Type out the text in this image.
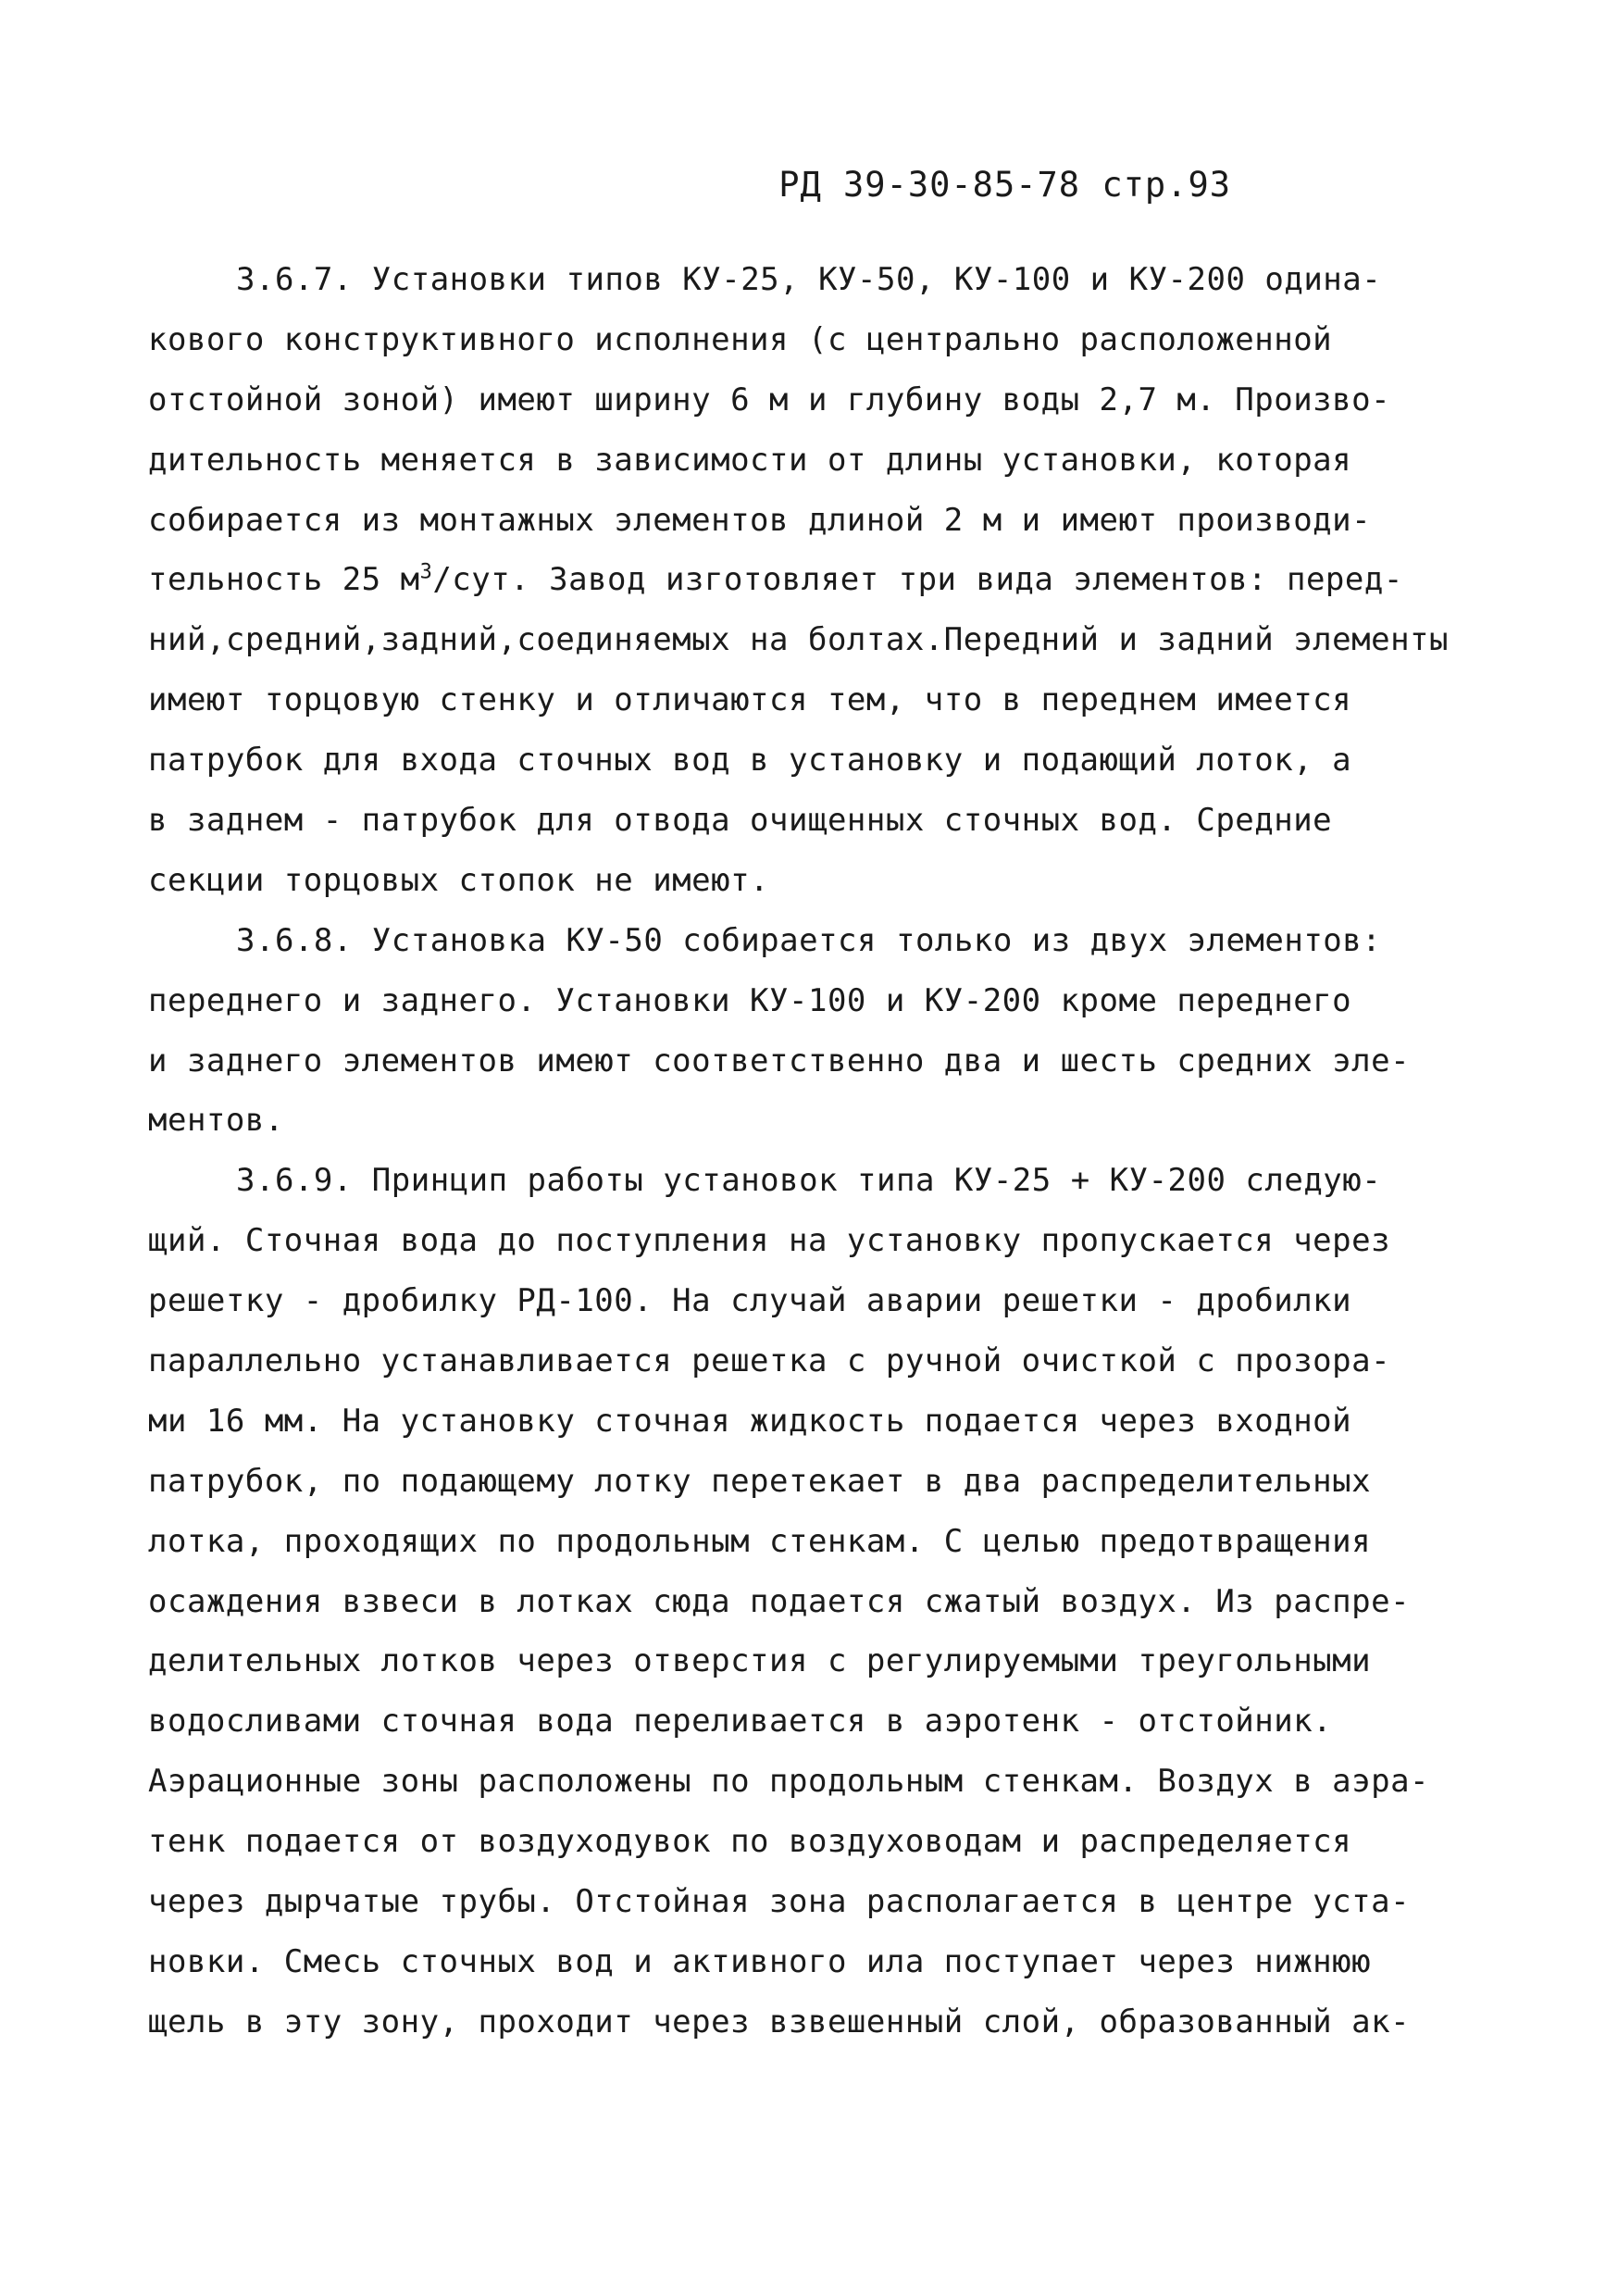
РД 39-30-85-78 стр.93
3.6.7. Установки типов КУ-25, КУ-50, КУ-100 и КУ-200 одина-
кового конструктивного исполнения (с центрально расположенной
отстойной зоной) имеют ширину 6 м и глубину воды 2,7 м. Произво-
дительность меняется в зависимости от длины установки, которая
собирается из монтажных элементов длиной 2 м и имеют производи-
тельность 25 $м^3$/сут. Завод изготовляет три вида элементов: перед-
ний,средний,задний,соединяемых на болтах.Передний и задний элементы
имеют торцовую стенку и отличаются тем, что в переднем имеется
патрубок для входа сточных вод в установку и подающий лоток, а
в заднем - патрубок для отвода очищенных сточных вод. Средние
секции торцовых стопок не имеют.
3.6.8. Установка КУ-50 собирается только из двух элементов:
переднего и заднего. Установки КУ-100 и КУ-200 кроме переднего
и заднего элементов имеют соответственно два и шесть средних эле-
ментов.
3.6.9. Принцип работы установок типа КУ-25 + КУ-200 следую-
щий. Сточная вода до поступления на установку пропускается через
решетку - дробилку РД-100. На случай аварии решетки - дробилки
параллельно устанавливается решетка с ручной очисткой с прозора-
ми 16 мм. На установку сточная жидкость подается через входной
патрубок, по подающему лотку перетекает в два распределительных
лотка, проходящих по продольным стенкам. С целью предотвращения
осаждения взвеси в лотках сюда подается сжатый воздух. Из распре-
делительных лотков через отверстия с регулируемыми треугольными
водосливами сточная вода переливается в аэротенк - отстойник.
Аэрационные зоны расположены по продольным стенкам. Воздух в аэра-
тенк подается от воздуходувок по воздуховодам и распределяется
через дырчатые трубы. Отстойная зона располагается в центре уста-
новки. Смесь сточных вод и активного ила поступает через нижнюю
щель в эту зону, проходит через взвешенный слой, образованный ак-
